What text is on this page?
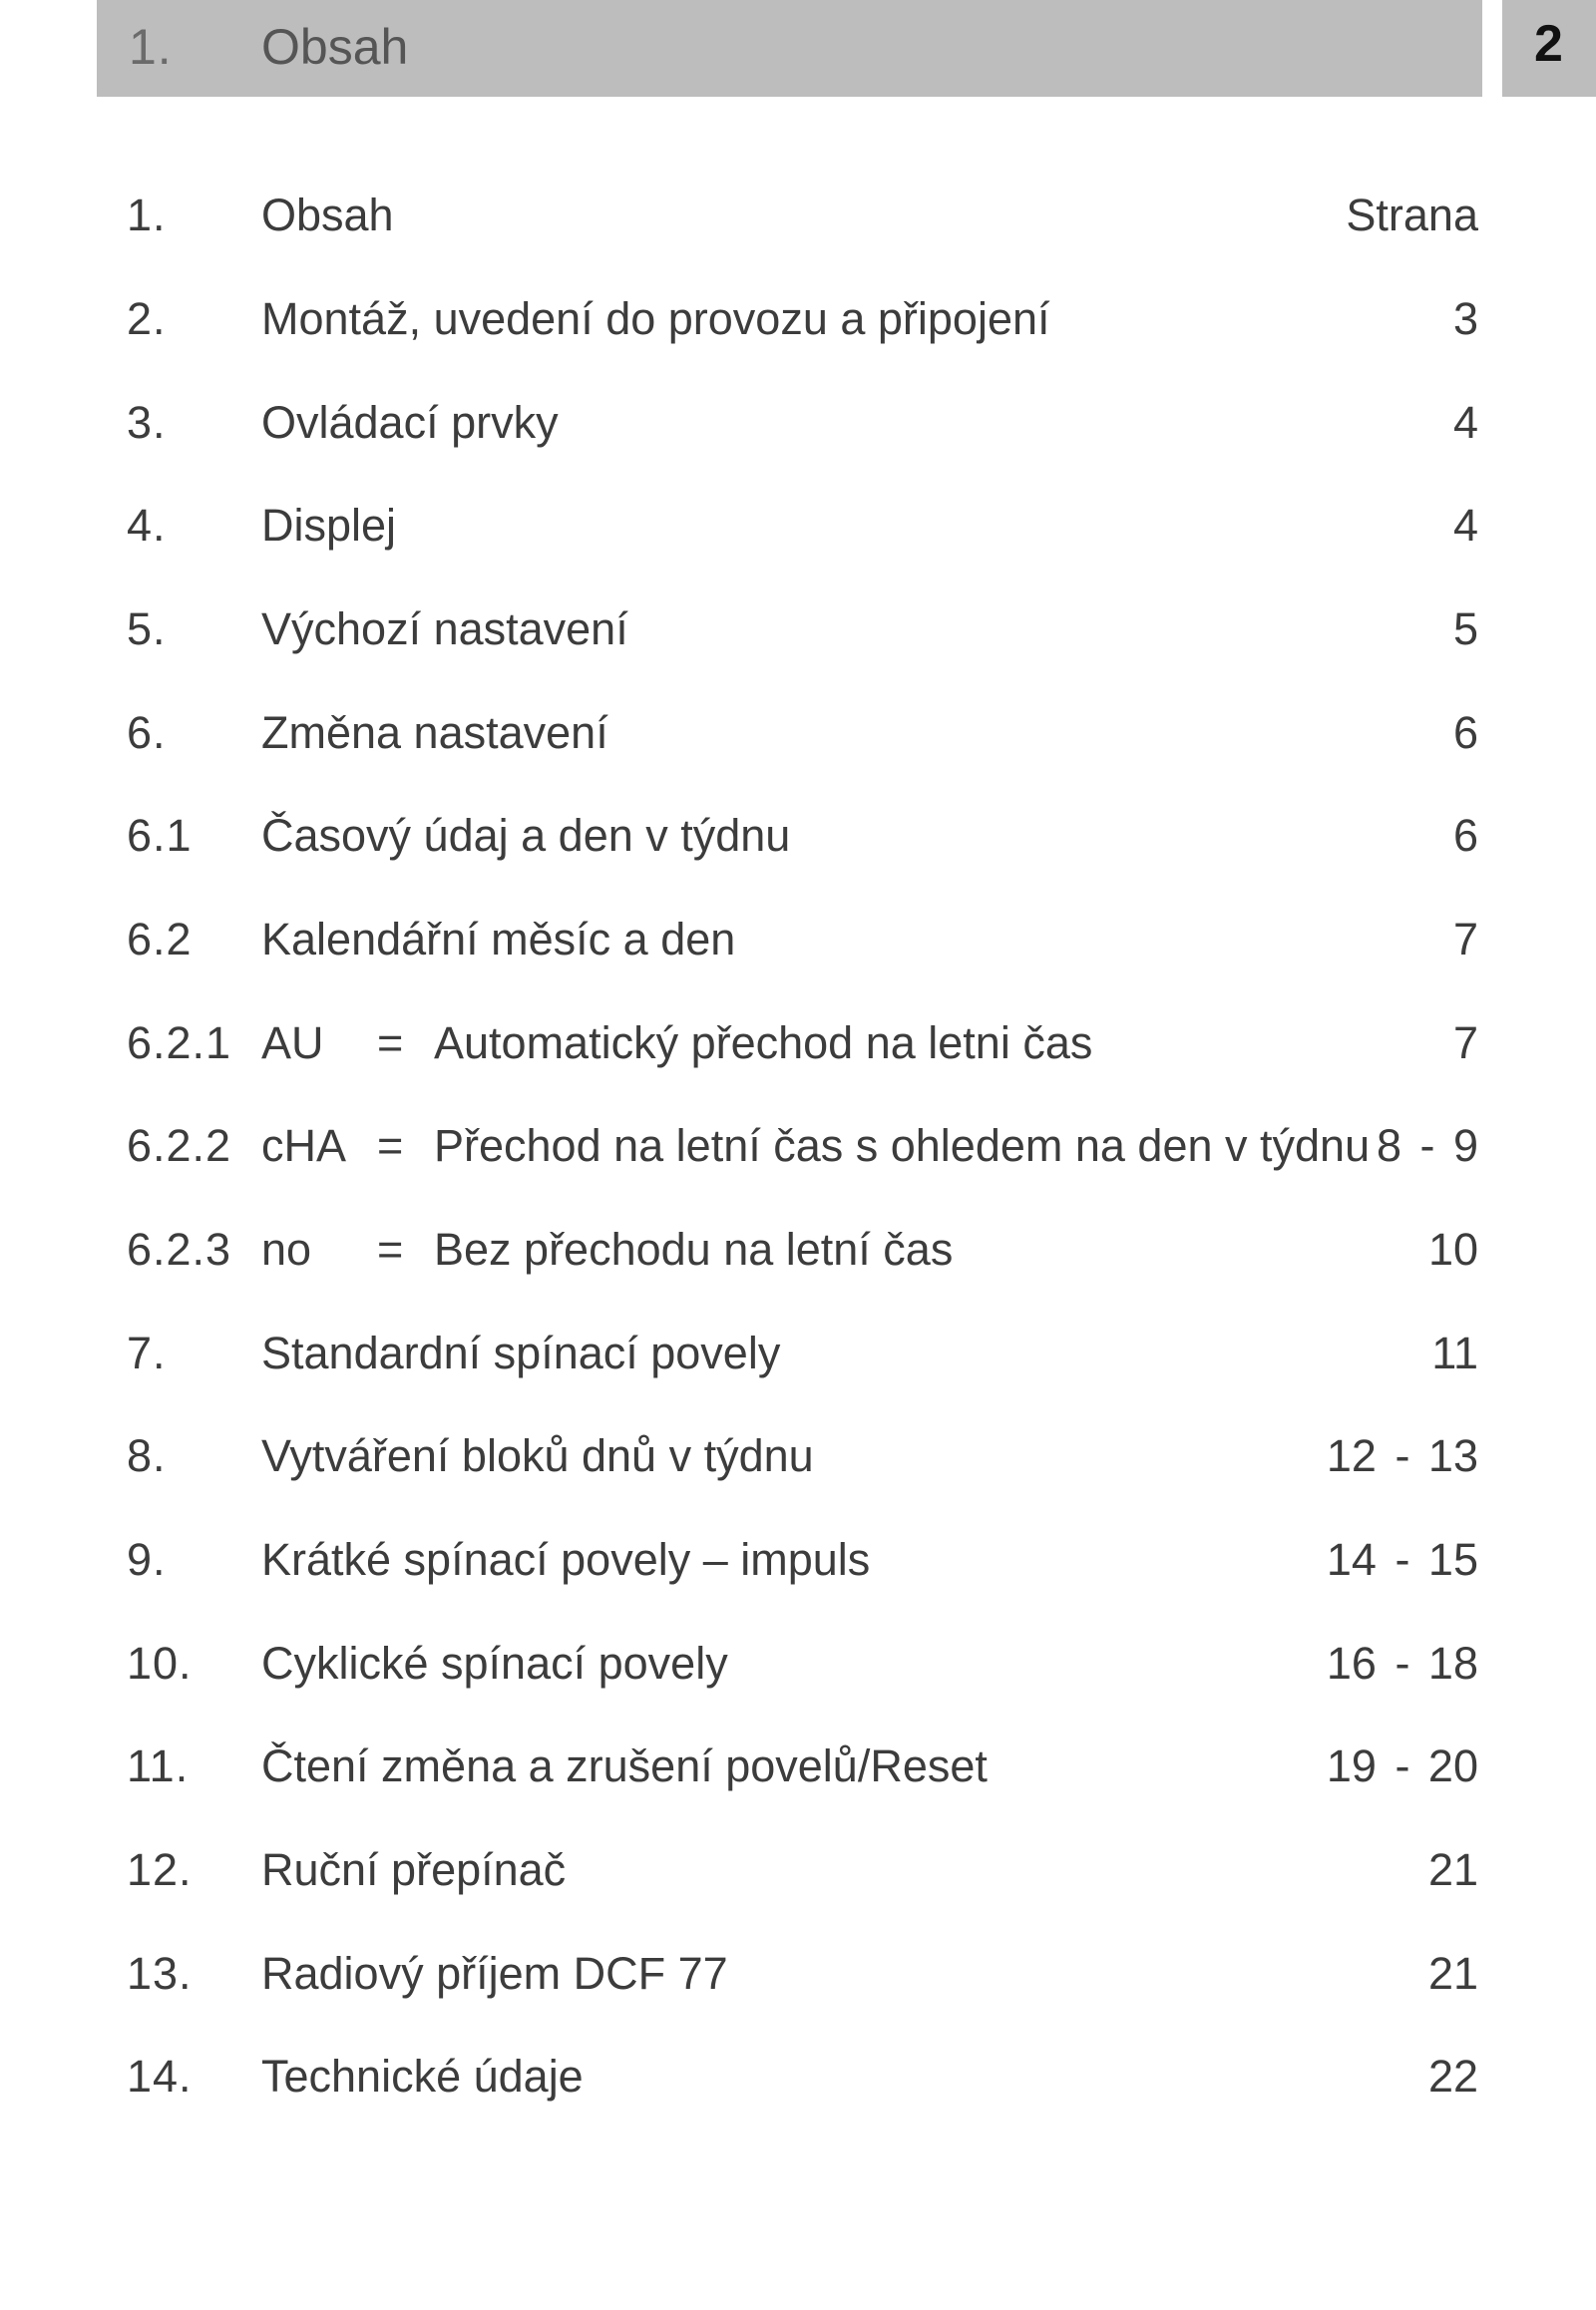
1. Obsah	2
1. Obsah	Strana
2. Montáž, uvedení do provozu a připojení	3
3. Ovládací prvky	4
4. Displej	4
5. Výchozí nastavení	5
6. Změna nastavení	6
6.1 Časový údaj a den v týdnu	6
6.2 Kalendářní měsíc a den	7
6.2.1 AU = Automatický přechod na letni čas	7
6.2.2 cHA = Přechod na letní čas s ohledem na den v týdnu 8 - 9
6.2.3 no = Bez přechodu na letní čas	10
7. Standardní spínací povely	11
8. Vytváření bloků dnů v týdnu	12 - 13
9. Krátké spínací povely – impuls	14 - 15
10. Cyklické spínací povely	16 - 18
11. Čtení změna a zrušení povelů/Reset	19 - 20
12. Ruční přepínač	21
13. Radiový příjem DCF 77	21
14. Technické údaje	22
